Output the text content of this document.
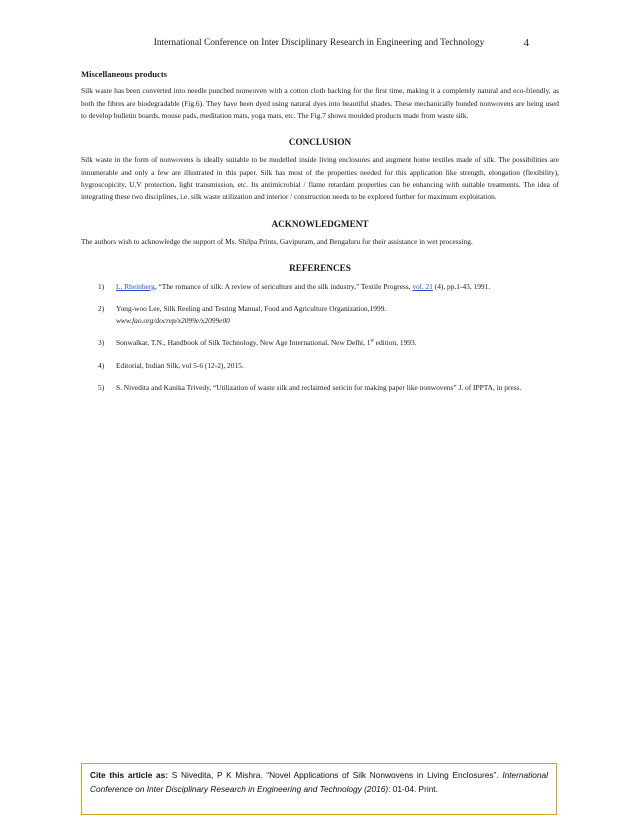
International Conference on Inter Disciplinary Research in Engineering and Technology	4
Miscellaneous products

Silk waste has been converted into needle punched nonwoven with a cotton cloth backing for the first time, making it a completely natural and eco-friendly, as both the fibres are biodegradable (Fig.6). They have been dyed using natural dyes into beautiful shades. These mechanically bonded nonwovens are being used to develop bulletin boards, mouse pads, meditation mats, yoga mats, etc. The Fig.7 shows moulded products made from waste silk.

CONCLUSION

Silk waste in the form of nonwovens is ideally suitable to be modelled inside living enclosures and augment home textiles made of silk. The possibilities are innumerable and only a few are illustrated in this paper. Silk has most of the properties needed for this application like strength, elongation (flexibility), hygroscopicity, U.V protection, light transmission, etc. Its antimicrobial / flame retardant properties can be enhancing with suitable treatments. The idea of integrating these two disciplines, i.e. silk waste utilization and interior / construction needs to be explored further for maximum exploitation.

ACKNOWLEDGMENT

The authors wish to acknowledge the support of Ms. Shilpa Prints, Gavipuram, and Bengaluru for their assistance in wet processing.

REFERENCES
1) L. Rheinberg, “The romance of silk: A review of sericulture and the silk industry,” Textile Progress, vol. 21 (4), pp.1-43, 1991.
2) Yong-woo Lee, Silk Reeling and Testing Manual, Food and Agriculture Organization,1999.
www.fao.org/docrep/x2099e/x2099e00
3) Sonwalkar, T.N., Handbook of Silk Technology, New Age International, New Delhi, 1st edition, 1993.
4) Editorial, Indian Silk, vol 5-6 (12-2), 2015.
5) S. Nivedita and Kanika Trivedy, “Utilization of waste silk and reclaimed sericin for making paper like nonwovens” J. of IPPTA, in press.
Cite this article as: S Nivedita, P K Mishra. “Novel Applications of Silk Nonwovens in Living Enclosures”. International Conference on Inter Disciplinary Research in Engineering and Technology (2016): 01-04. Print.
